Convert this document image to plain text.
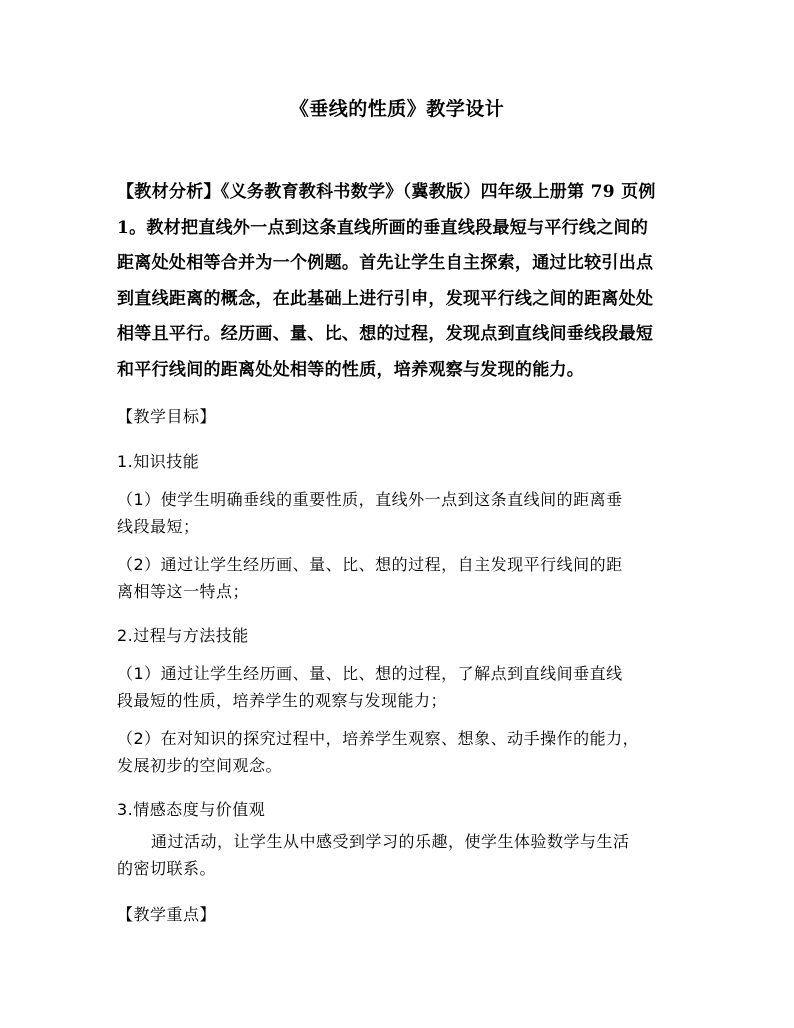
《垂线的性质》教学设计
【教材分析】《义务教育教科书数学》（冀教版）四年级上册第 79 页例
1。教材把直线外一点到这条直线所画的垂直线段最短与平行线之间的
距离处处相等合并为一个例题。首先让学生自主探索，通过比较引出点
到直线距离的概念，在此基础上进行引申，发现平行线之间的距离处处
相等且平行。经历画、量、比、想的过程，发现点到直线间垂线段最短
和平行线间的距离处处相等的性质，培养观察与发现的能力。
【教学目标】
1.知识技能
（1）使学生明确垂线的重要性质，直线外一点到这条直线间的距离垂
线段最短；
（2）通过让学生经历画、量、比、想的过程，自主发现平行线间的距
离相等这一特点；
2.过程与方法技能
（1）通过让学生经历画、量、比、想的过程，了解点到直线间垂直线
段最短的性质，培养学生的观察与发现能力；
（2）在对知识的探究过程中，培养学生观察、想象、动手操作的能力，
发展初步的空间观念。
3.情感态度与价值观
通过活动，让学生从中感受到学习的乐趣，使学生体验数学与生活
的密切联系。
【教学重点】
